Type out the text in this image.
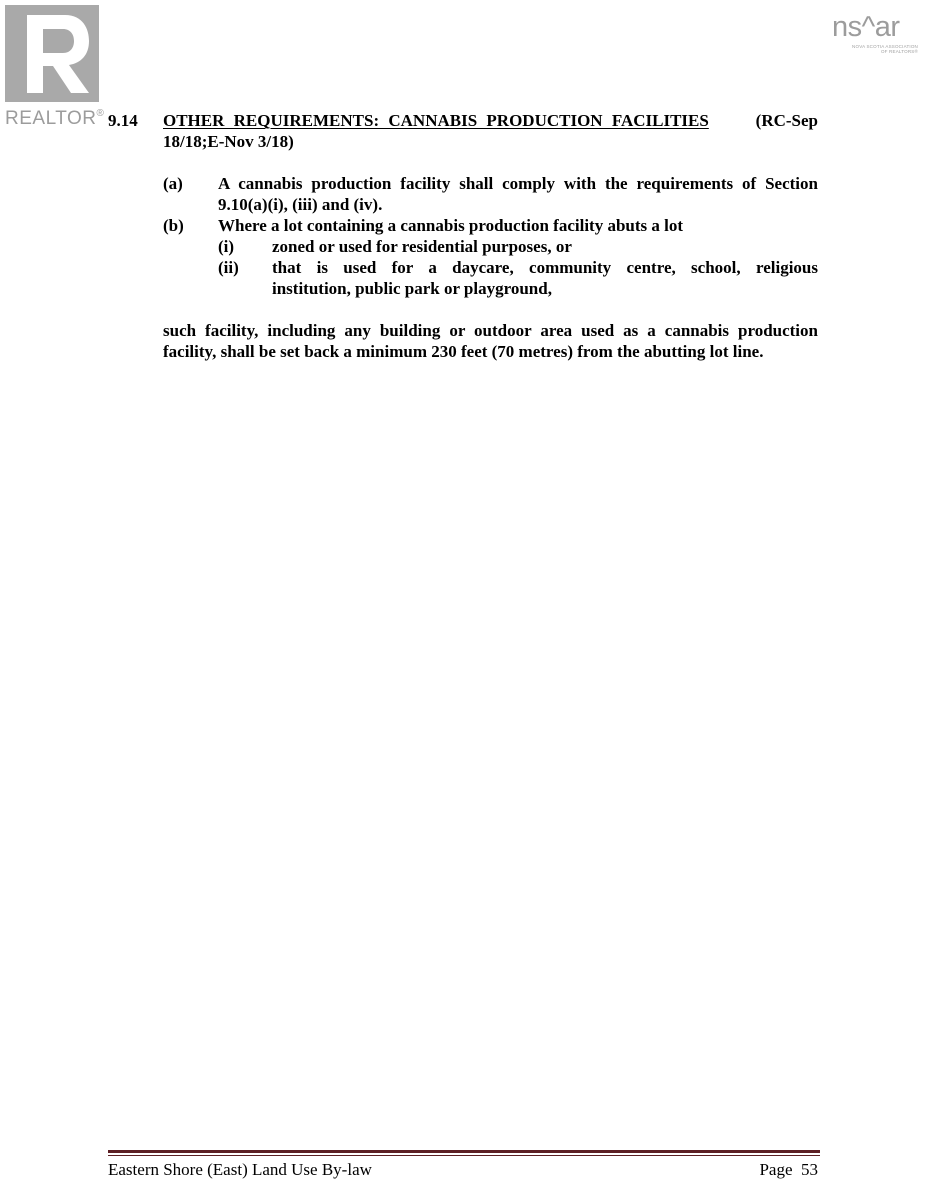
REALTOR®
ns^ar
NOVA SCOTIA ASSOCIATION
OF REALTORS®
9.14 OTHER REQUIREMENTS: CANNABIS PRODUCTION FACILITIES	(RC-Sep
18/18;E-Nov 3/18)
(a) A cannabis production facility shall comply with the requirements of Section
9.10(a)(i), (iii) and (iv).
(b) Where a lot containing a cannabis production facility abuts a lot
(i) zoned or used for residential purposes, or
(ii) that is used for a daycare, community centre, school, religious
institution, public park or playground,
such facility, including any building or outdoor area used as a cannabis production
facility, shall be set back a minimum 230 feet (70 metres) from the abutting lot line.
Eastern Shore (East) Land Use By-law	Page  53
